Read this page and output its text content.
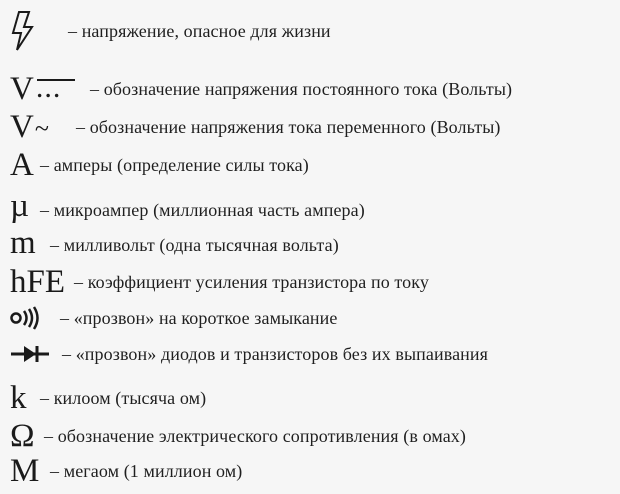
– напряжение, опасное для жизни
V ... – обозначение напряжения постоянного тока (Вольты)
V ~ – обозначение напряжения тока переменного (Вольты)
A – амперы (определение силы тока)
µ – микроампер (миллионная часть ампера)
m – милливольт (одна тысячная вольта)
hFE – коэффициент усиления транзистора по току
– «прозвон» на короткое замыкание
– «прозвон» диодов и транзисторов без их выпаивания
k – килоом (тысяча ом)
Ω – обозначение электрического сопротивления (в омах)
M – мегаом (1 миллион ом)
